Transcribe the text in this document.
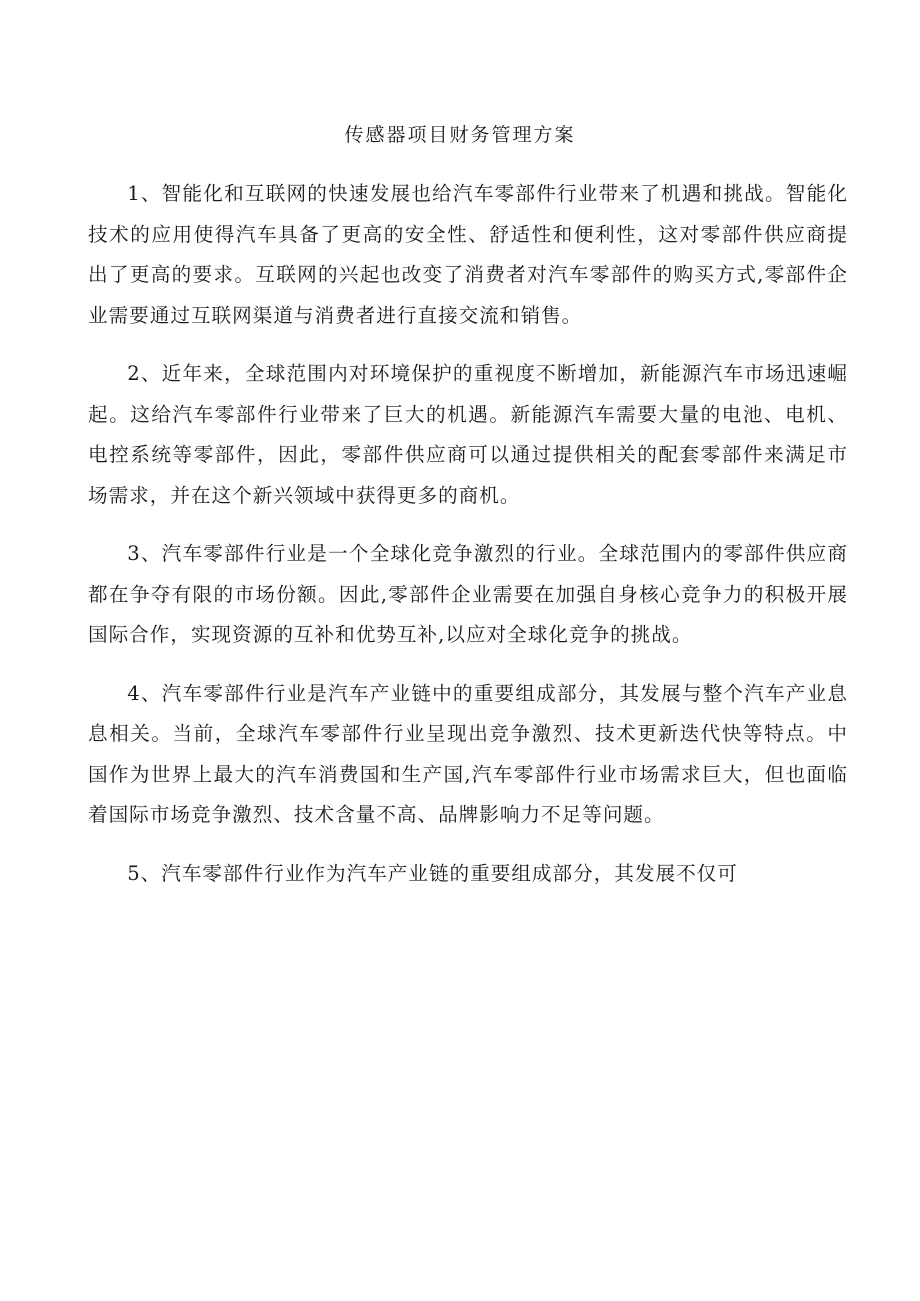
传感器项目财务管理方案

1、智能化和互联网的快速发展也给汽车零部件行业带来了机遇和挑战。智能化技术的应用使得汽车具备了更高的安全性、舒适性和便利性，这对零部件供应商提出了更高的要求。互联网的兴起也改变了消费者对汽车零部件的购买方式,零部件企业需要通过互联网渠道与消费者进行直接交流和销售。

2、近年来，全球范围内对环境保护的重视度不断增加，新能源汽车市场迅速崛起。这给汽车零部件行业带来了巨大的机遇。新能源汽车需要大量的电池、电机、电控系统等零部件，因此，零部件供应商可以通过提供相关的配套零部件来满足市场需求，并在这个新兴领域中获得更多的商机。

3、汽车零部件行业是一个全球化竞争激烈的行业。全球范围内的零部件供应商都在争夺有限的市场份额。因此,零部件企业需要在加强自身核心竞争力的积极开展国际合作，实现资源的互补和优势互补,以应对全球化竞争的挑战。

4、汽车零部件行业是汽车产业链中的重要组成部分，其发展与整个汽车产业息息相关。当前，全球汽车零部件行业呈现出竞争激烈、技术更新迭代快等特点。中国作为世界上最大的汽车消费国和生产国,汽车零部件行业市场需求巨大，但也面临着国际市场竞争激烈、技术含量不高、品牌影响力不足等问题。

5、汽车零部件行业作为汽车产业链的重要组成部分，其发展不仅可
